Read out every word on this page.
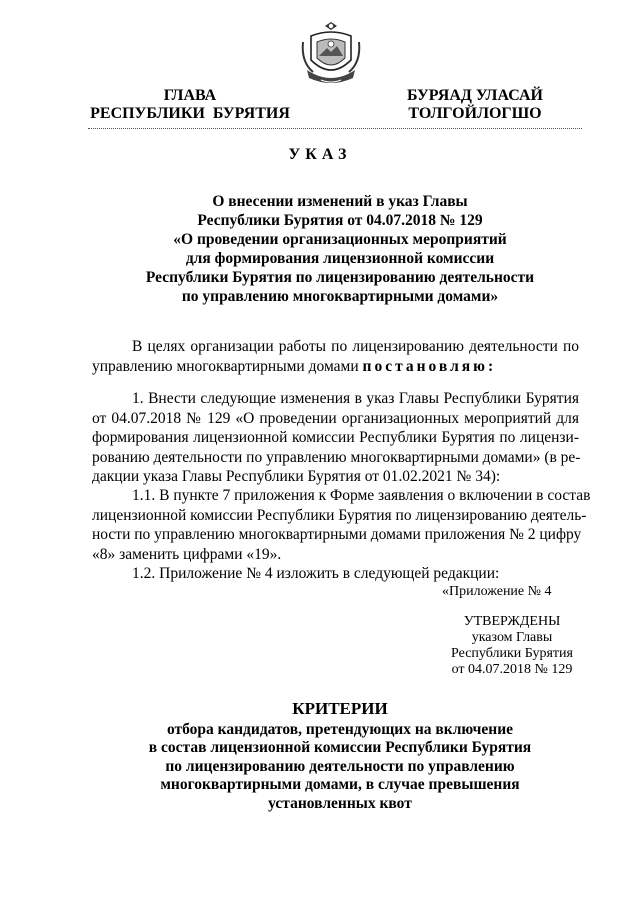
ГЛАВА
РЕСПУБЛИКИ  БУРЯТИЯ
БУРЯАД УЛАСАЙ
ТОЛГОЙЛОГШО
УКАЗ
О внесении изменений в указ Главы
Республики Бурятия от 04.07.2018 № 129
«О проведении организационных мероприятий
для формирования лицензионной комиссии
Республики Бурятия по лицензированию деятельности
по управлению многоквартирными домами»
В целях организации работы по лицензированию деятельности по
управлению многоквартирными домами постановляю:
1. Внести следующие изменения в указ Главы Республики Бурятия
от 04.07.2018 № 129 «О проведении организационных мероприятий для
формирования лицензионной комиссии Республики Бурятия по лицензи-
рованию деятельности по управлению многоквартирными домами» (в ре-
дакции указа Главы Республики Бурятия от 01.02.2021 № 34):
1.1. В пункте 7 приложения к Форме заявления о включении в состав
лицензионной комиссии Республики Бурятия по лицензированию деятель-
ности по управлению многоквартирными домами приложения № 2 цифру
«8» заменить цифрами «19».
1.2. Приложение № 4 изложить в следующей редакции:
«Приложение № 4
УТВЕРЖДЕНЫ
указом Главы
Республики Бурятия
от 04.07.2018 № 129
КРИТЕРИИ
отбора кандидатов, претендующих на включение
в состав лицензионной комиссии Республики Бурятия
по лицензированию деятельности по управлению
многоквартирными домами, в случае превышения
установленных квот
